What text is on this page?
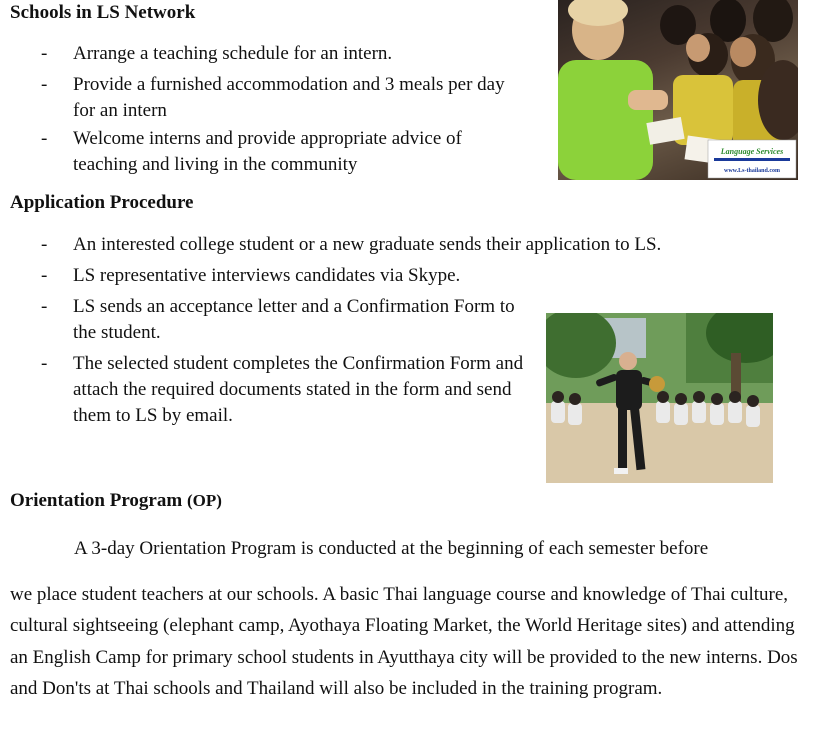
Schools in LS Network
- Arrange a teaching schedule for an intern.
- Provide a furnished accommodation and 3 meals per day for an intern
- Welcome interns and provide appropriate advice of teaching and living in the community
Language Services
www.Ls-thailand.com
Application Procedure
- An interested college student or a new graduate sends their application to LS.
- LS representative interviews candidates via Skype.
- LS sends an acceptance letter and a Confirmation Form to the student.
- The selected student completes the Confirmation Form and attach the required documents stated in the form and send them to LS by email.
Orientation Program (OP)

A 3-day Orientation Program is conducted at the beginning of each semester before

we place student teachers at our schools. A basic Thai language course and knowledge of Thai culture, cultural sightseeing (elephant camp, Ayothaya Floating Market, the World Heritage sites) and attending an English Camp for primary school students in Ayutthaya city will be provided to the new interns. Dos and Don'ts at Thai schools and Thailand will also be included in the training program.
